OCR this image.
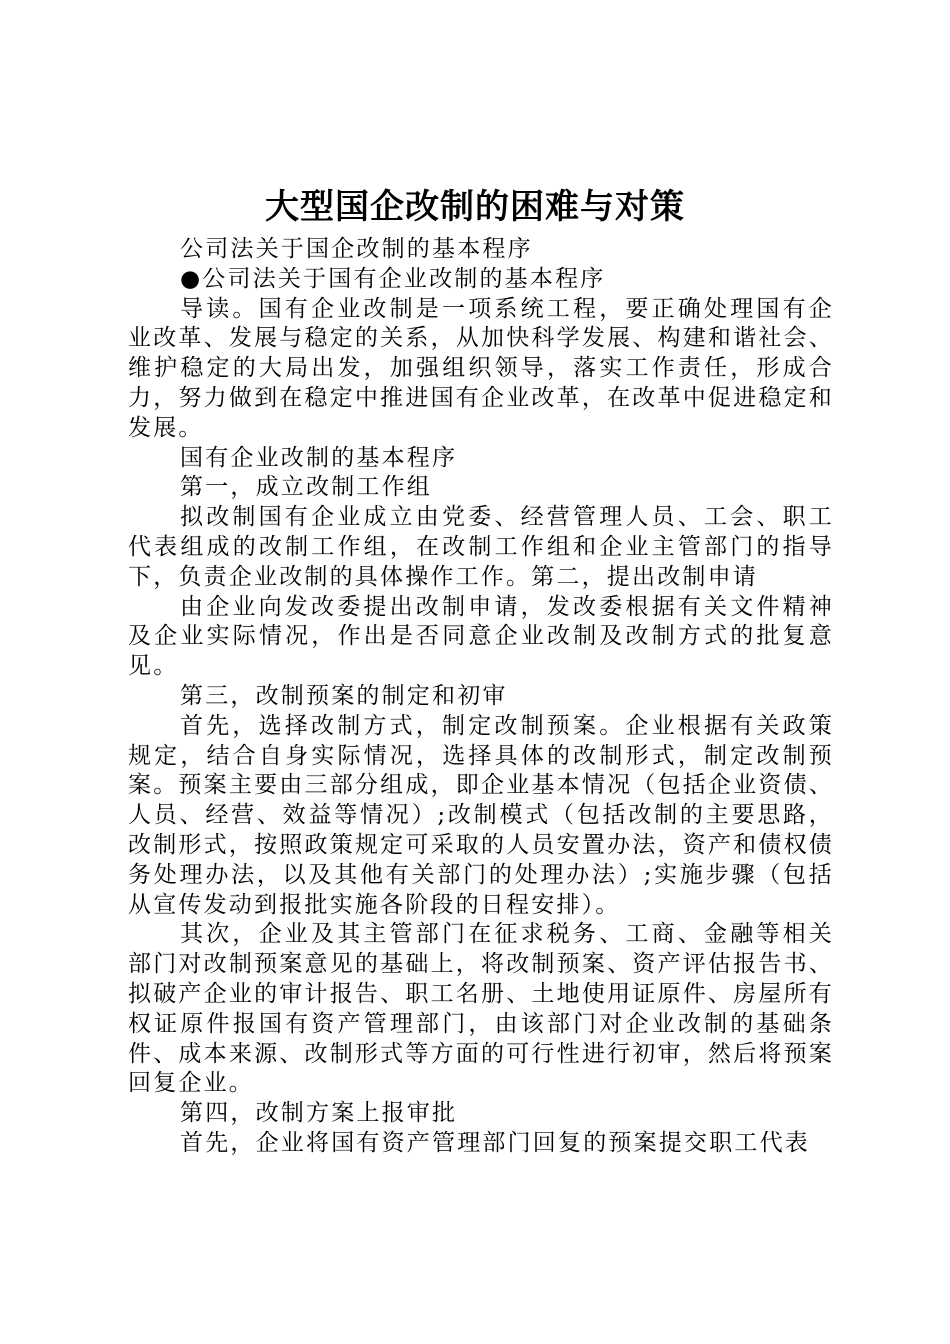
大型国企改制的困难与对策

公司法关于国企改制的基本程序

●公司法关于国有企业改制的基本程序

导读。国有企业改制是一项系统工程，要正确处理国有企业改革、发展与稳定的关系，从加快科学发展、构建和谐社会、维护稳定的大局出发，加强组织领导，落实工作责任，形成合力，努力做到在稳定中推进国有企业改革，在改革中促进稳定和发展。

国有企业改制的基本程序

第一，成立改制工作组

拟改制国有企业成立由党委、经营管理人员、工会、职工代表组成的改制工作组，在改制工作组和企业主管部门的指导下，负责企业改制的具体操作工作。第二，提出改制申请

由企业向发改委提出改制申请，发改委根据有关文件精神及企业实际情况，作出是否同意企业改制及改制方式的批复意见。

第三，改制预案的制定和初审

首先，选择改制方式，制定改制预案。企业根据有关政策规定，结合自身实际情况，选择具体的改制形式，制定改制预案。预案主要由三部分组成，即企业基本情况（包括企业资债、人员、经营、效益等情况）;改制模式（包括改制的主要思路，改制形式，按照政策规定可采取的人员安置办法，资产和债权债务处理办法，以及其他有关部门的处理办法）;实施步骤（包括从宣传发动到报批实施各阶段的日程安排）。

其次，企业及其主管部门在征求税务、工商、金融等相关部门对改制预案意见的基础上，将改制预案、资产评估报告书、拟破产企业的审计报告、职工名册、土地使用证原件、房屋所有权证原件报国有资产管理部门，由该部门对企业改制的基础条件、成本来源、改制形式等方面的可行性进行初审，然后将预案回复企业。

第四，改制方案上报审批

首先，企业将国有资产管理部门回复的预案提交职工代表
